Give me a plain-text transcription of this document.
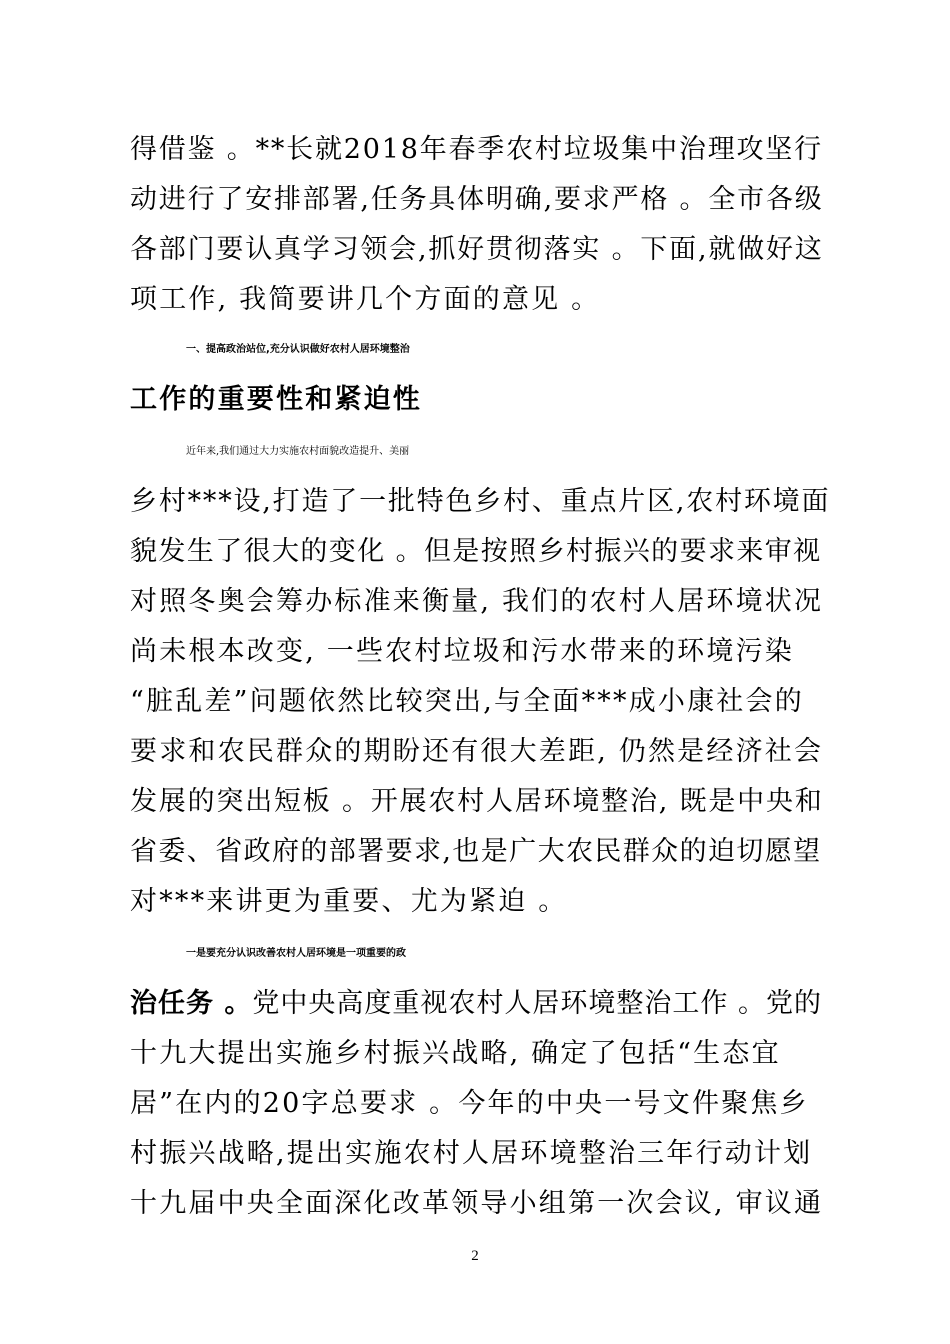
得借鉴 。**长就2018年春季农村垃圾集中治理攻坚行
动进行了安排部署,任务具体明确,要求严格 。全市各级
各部门要认真学习领会,抓好贯彻落实 。下面,就做好这
项工作, 我简要讲几个方面的意见 。
一、提高政治站位,充分认识做好农村人居环境整治
工作的重要性和紧迫性
近年来,我们通过大力实施农村面貌改造提升、美丽
乡村***设,打造了一批特色乡村、重点片区,农村环境面
貌发生了很大的变化 。但是按照乡村振兴的要求来审视
对照冬奥会筹办标准来衡量, 我们的农村人居环境状况
尚未根本改变, 一些农村垃圾和污水带来的环境污染
“脏乱差”问题依然比较突出,与全面***成小康社会的
要求和农民群众的期盼还有很大差距, 仍然是经济社会
发展的突出短板 。开展农村人居环境整治, 既是中央和
省委、省政府的部署要求,也是广大农民群众的迫切愿望
对***来讲更为重要、尤为紧迫 。
一是要充分认识改善农村人居环境是一项重要的政
治任务 。党中央高度重视农村人居环境整治工作 。党的
十九大提出实施乡村振兴战略, 确定了包括“生态宜
居”在内的20字总要求 。今年的中央一号文件聚焦乡
村振兴战略,提出实施农村人居环境整治三年行动计划
十九届中央全面深化改革领导小组第一次会议, 审议通
2
